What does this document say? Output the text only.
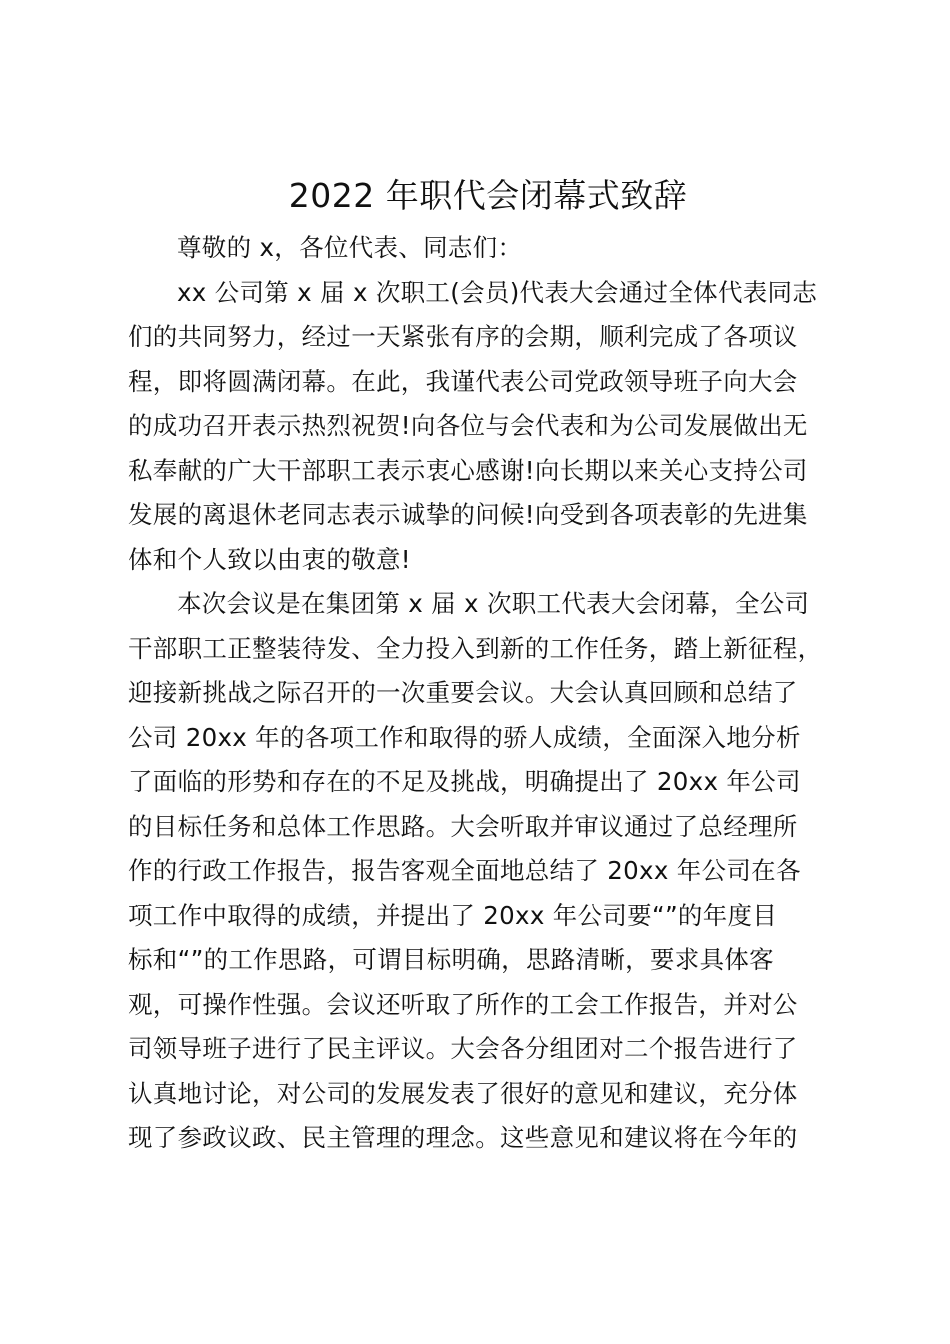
2022 年职代会闭幕式致辞
尊敬的 x，各位代表、同志们：
xx 公司第 x 届 x 次职工(会员)代表大会通过全体代表同志
们的共同努力，经过一天紧张有序的会期，顺利完成了各项议
程，即将圆满闭幕。在此，我谨代表公司党政领导班子向大会
的成功召开表示热烈祝贺!向各位与会代表和为公司发展做出无
私奉献的广大干部职工表示衷心感谢!向长期以来关心支持公司
发展的离退休老同志表示诚挚的问候!向受到各项表彰的先进集
体和个人致以由衷的敬意!
本次会议是在集团第 x 届 x 次职工代表大会闭幕，全公司
干部职工正整装待发、全力投入到新的工作任务，踏上新征程，
迎接新挑战之际召开的一次重要会议。大会认真回顾和总结了
公司 20xx 年的各项工作和取得的骄人成绩，全面深入地分析
了面临的形势和存在的不足及挑战，明确提出了 20xx 年公司
的目标任务和总体工作思路。大会听取并审议通过了总经理所
作的行政工作报告，报告客观全面地总结了 20xx 年公司在各
项工作中取得的成绩，并提出了 20xx 年公司要“”的年度目
标和“”的工作思路，可谓目标明确，思路清晰，要求具体客
观，可操作性强。会议还听取了所作的工会工作报告，并对公
司领导班子进行了民主评议。大会各分组团对二个报告进行了
认真地讨论，对公司的发展发表了很好的意见和建议，充分体
现了参政议政、民主管理的理念。这些意见和建议将在今年的
